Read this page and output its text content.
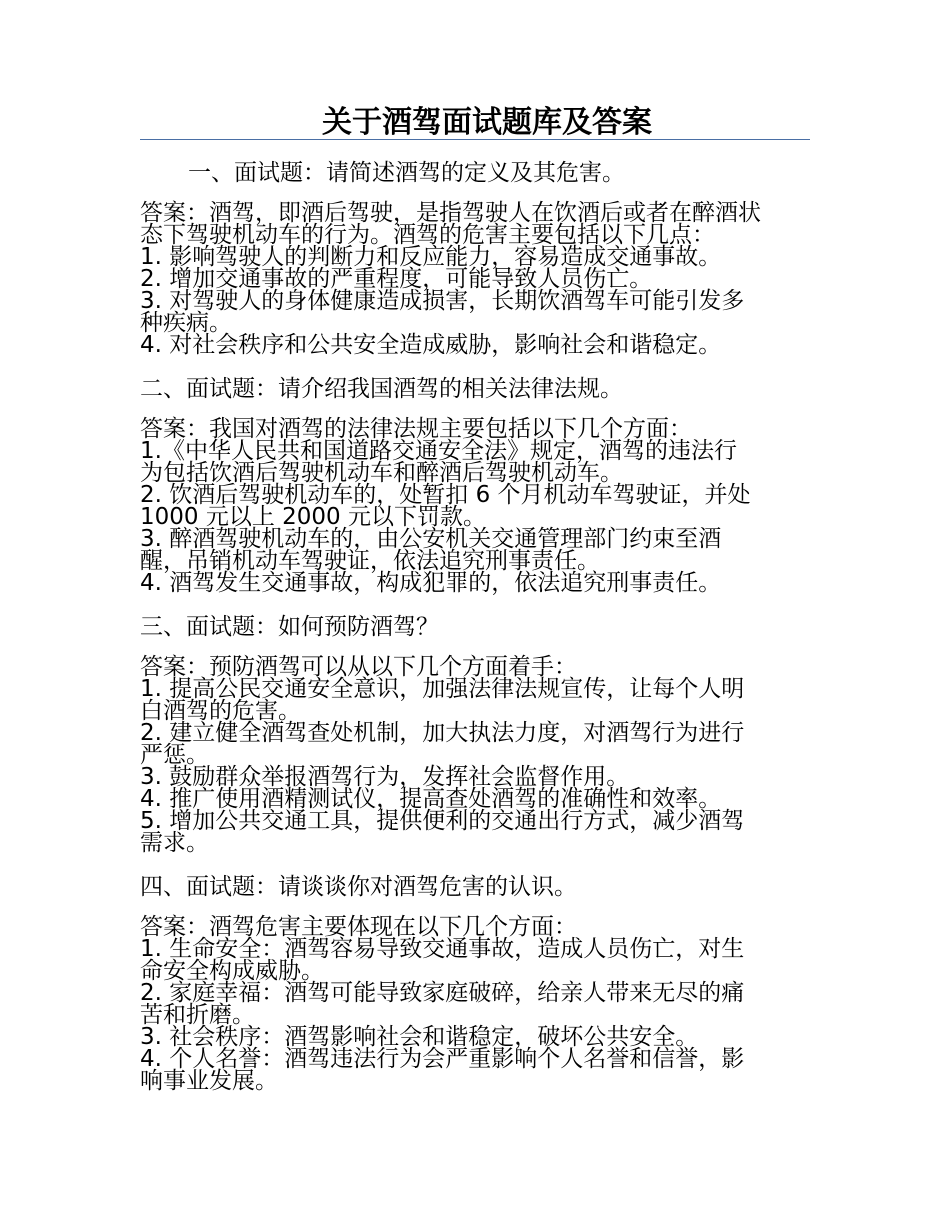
关于酒驾面试题库及答案

一、面试题：请简述酒驾的定义及其危害。

答案：酒驾，即酒后驾驶，是指驾驶人在饮酒后或者在醉酒状
态下驾驶机动车的行为。酒驾的危害主要包括以下几点：
1. 影响驾驶人的判断力和反应能力，容易造成交通事故。
2. 增加交通事故的严重程度，可能导致人员伤亡。
3. 对驾驶人的身体健康造成损害，长期饮酒驾车可能引发多
种疾病。
4. 对社会秩序和公共安全造成威胁，影响社会和谐稳定。

二、面试题：请介绍我国酒驾的相关法律法规。

答案：我国对酒驾的法律法规主要包括以下几个方面：
1.《中华人民共和国道路交通安全法》规定，酒驾的违法行
为包括饮酒后驾驶机动车和醉酒后驾驶机动车。
2. 饮酒后驾驶机动车的，处暂扣 6 个月机动车驾驶证，并处
1000 元以上 2000 元以下罚款。
3. 醉酒驾驶机动车的，由公安机关交通管理部门约束至酒
醒，吊销机动车驾驶证，依法追究刑事责任。
4. 酒驾发生交通事故，构成犯罪的，依法追究刑事责任。

三、面试题：如何预防酒驾？

答案：预防酒驾可以从以下几个方面着手：
1. 提高公民交通安全意识，加强法律法规宣传，让每个人明
白酒驾的危害。
2. 建立健全酒驾查处机制，加大执法力度，对酒驾行为进行
严惩。
3. 鼓励群众举报酒驾行为，发挥社会监督作用。
4. 推广使用酒精测试仪，提高查处酒驾的准确性和效率。
5. 增加公共交通工具，提供便利的交通出行方式，减少酒驾
需求。

四、面试题：请谈谈你对酒驾危害的认识。

答案：酒驾危害主要体现在以下几个方面：
1. 生命安全：酒驾容易导致交通事故，造成人员伤亡，对生
命安全构成威胁。
2. 家庭幸福：酒驾可能导致家庭破碎，给亲人带来无尽的痛
苦和折磨。
3. 社会秩序：酒驾影响社会和谐稳定，破坏公共安全。
4. 个人名誉：酒驾违法行为会严重影响个人名誉和信誉，影
响事业发展。
